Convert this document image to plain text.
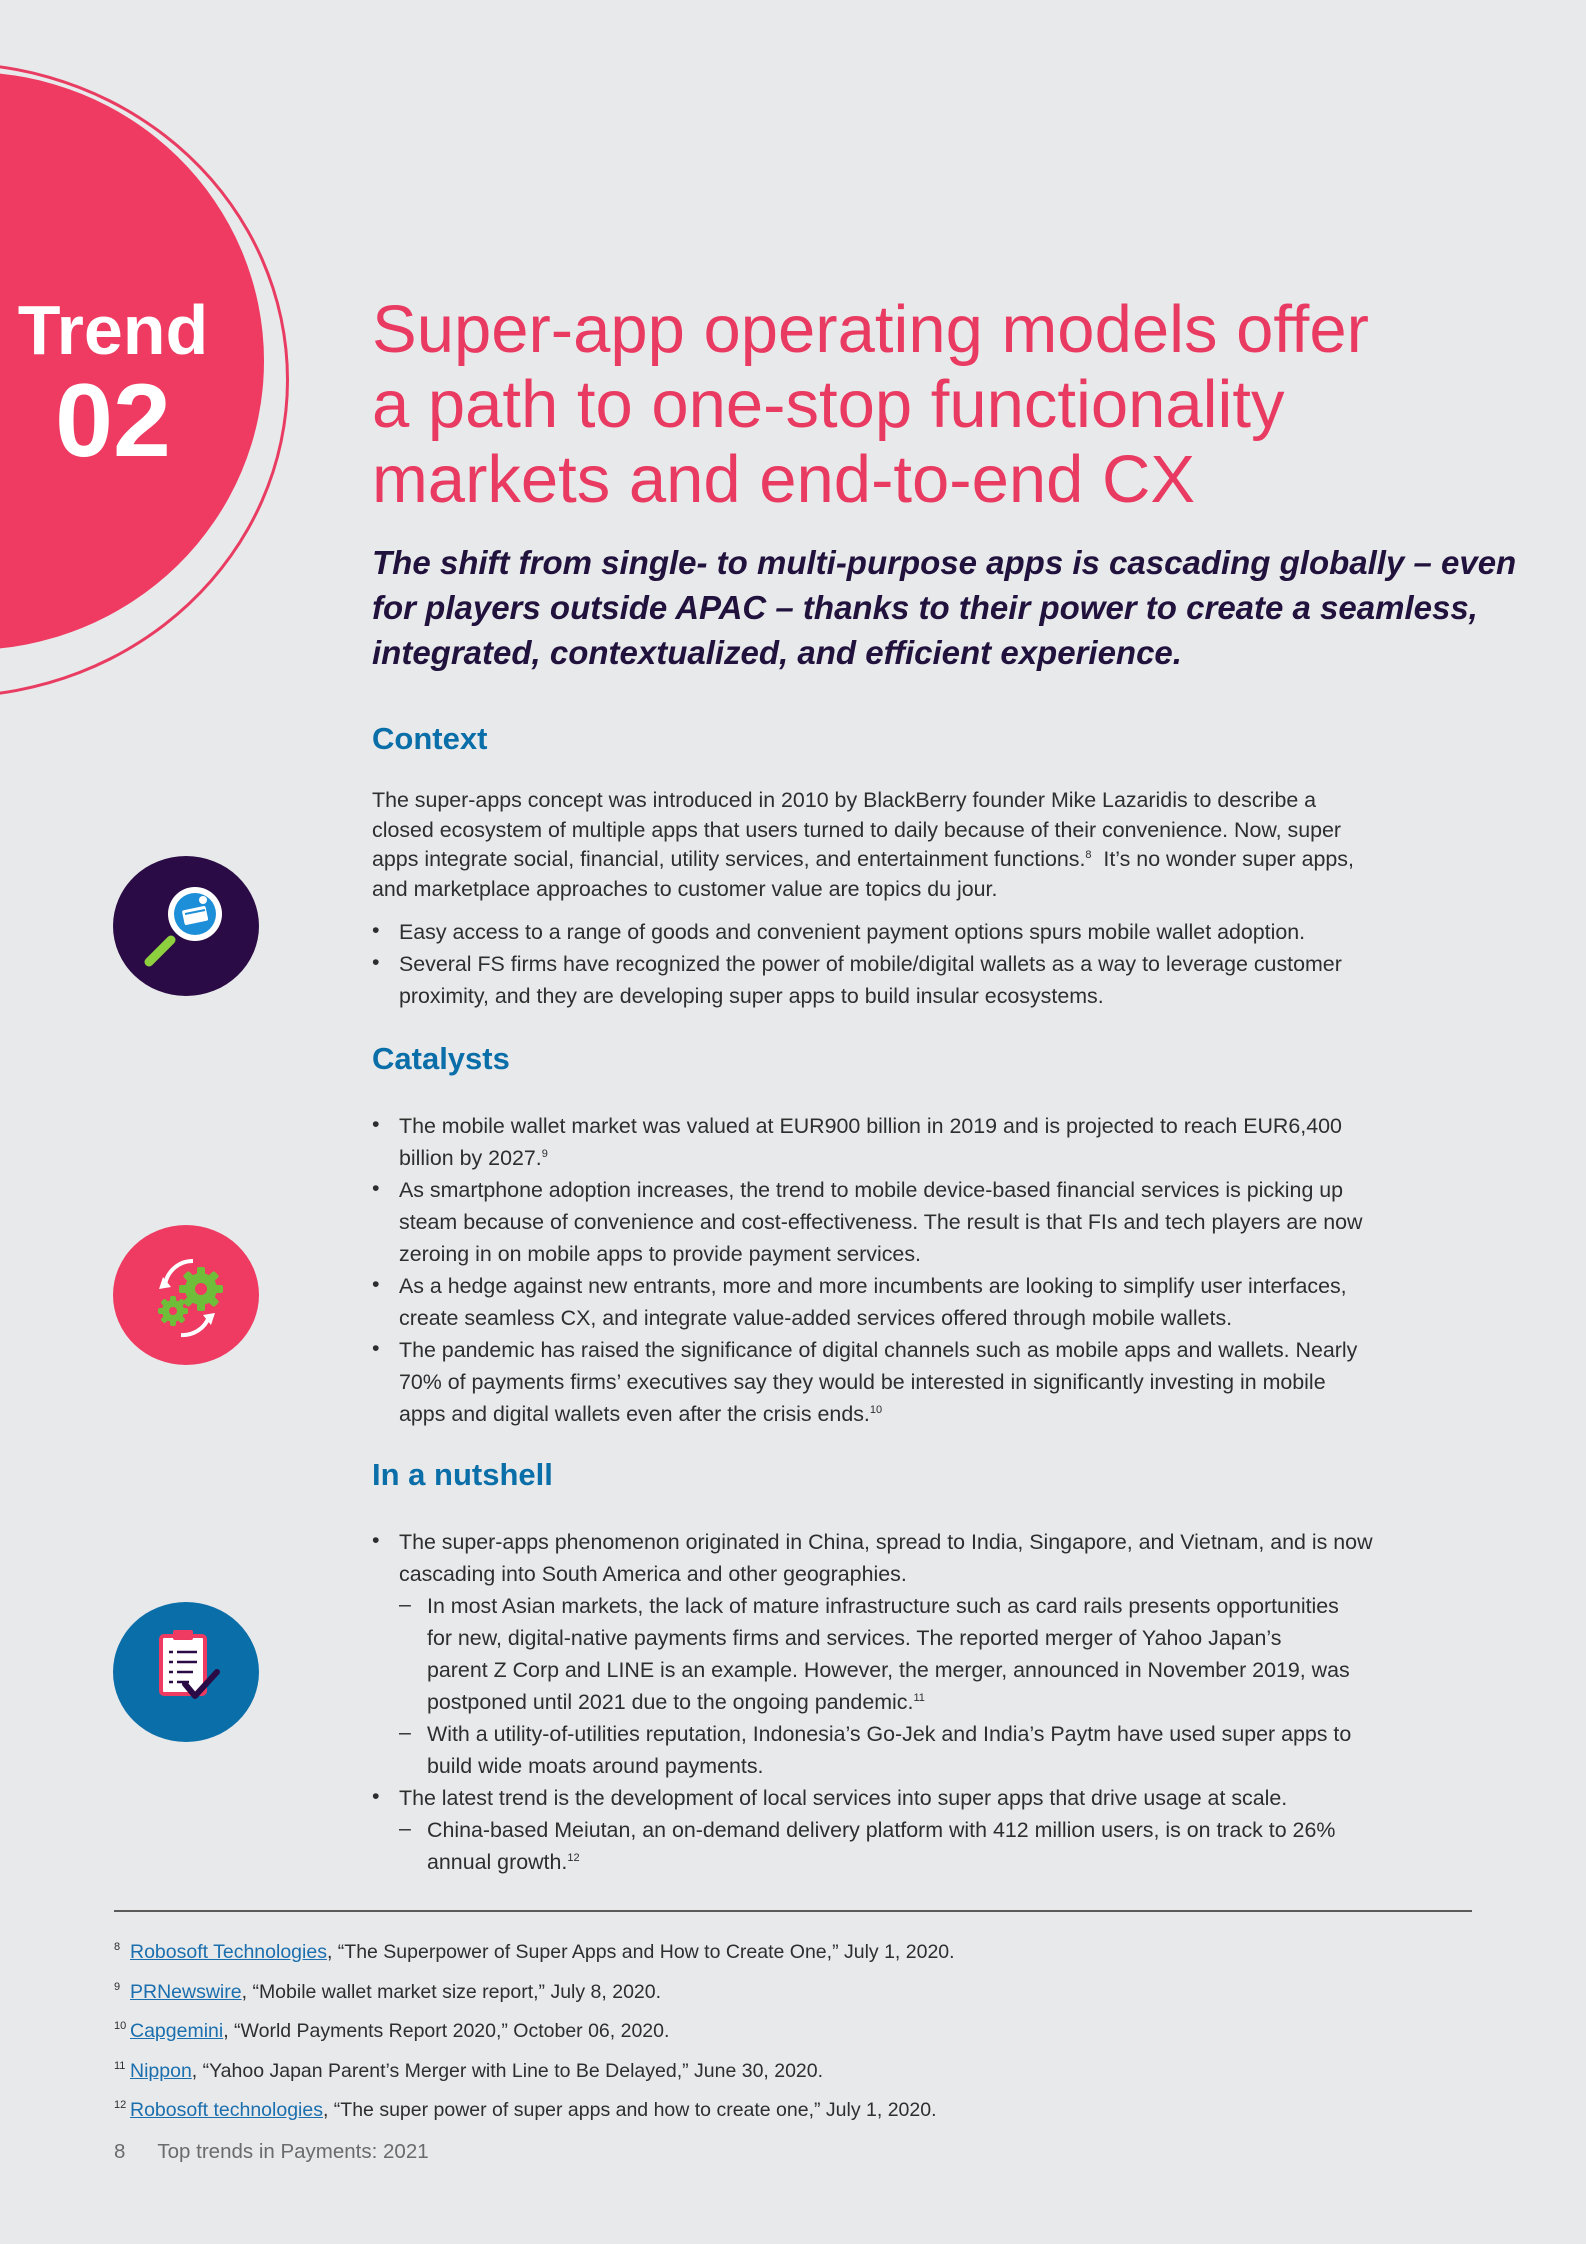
Trend
02
Super-app operating models offer
a path to one-stop functionality
markets and end-to-end CX
The shift from single- to multi-purpose apps is cascading globally – even
for players outside APAC – thanks to their power to create a seamless,
integrated, contextualized, and efficient experience.
Context
The super-apps concept was introduced in 2010 by BlackBerry founder Mike Lazaridis to describe a
closed ecosystem of multiple apps that users turned to daily because of their convenience. Now, super
apps integrate social, financial, utility services, and entertainment functions.$^8$  It’s no wonder super apps,
and marketplace approaches to customer value are topics du jour.
• Easy access to a range of goods and convenient payment options spurs mobile wallet adoption.
• Several FS firms have recognized the power of mobile/digital wallets as a way to leverage customer
proximity, and they are developing super apps to build insular ecosystems.
Catalysts
• The mobile wallet market was valued at EUR900 billion in 2019 and is projected to reach EUR6,400
billion by 2027.$^9$
• As smartphone adoption increases, the trend to mobile device-based financial services is picking up
steam because of convenience and cost-effectiveness. The result is that FIs and tech players are now
zeroing in on mobile apps to provide payment services.
• As a hedge against new entrants, more and more incumbents are looking to simplify user interfaces,
create seamless CX, and integrate value-added services offered through mobile wallets.
• The pandemic has raised the significance of digital channels such as mobile apps and wallets. Nearly
70% of payments firms’ executives say they would be interested in significantly investing in mobile
apps and digital wallets even after the crisis ends.$^{10}$
In a nutshell
• The super-apps phenomenon originated in China, spread to India, Singapore, and Vietnam, and is now
cascading into South America and other geographies.
– In most Asian markets, the lack of mature infrastructure such as card rails presents opportunities
for new, digital-native payments firms and services. The reported merger of Yahoo Japan’s
parent Z Corp and LINE is an example. However, the merger, announced in November 2019, was
postponed until 2021 due to the ongoing pandemic.$^{11}$
– With a utility-of-utilities reputation, Indonesia’s Go-Jek and India’s Paytm have used super apps to
build wide moats around payments.
• The latest trend is the development of local services into super apps that drive usage at scale.
– China-based Meiutan, an on-demand delivery platform with 412 million users, is on track to 26%
annual growth.$^{12}$
8 Robosoft Technologies, “The Superpower of Super Apps and How to Create One,” July 1, 2020.
9 PRNewswire, “Mobile wallet market size report,” July 8, 2020.
10 Capgemini, “World Payments Report 2020,” October 06, 2020.
11 Nippon, “Yahoo Japan Parent’s Merger with Line to Be Delayed,” June 30, 2020.
12 Robosoft technologies, “The super power of super apps and how to create one,” July 1, 2020.
8 Top trends in Payments: 2021
